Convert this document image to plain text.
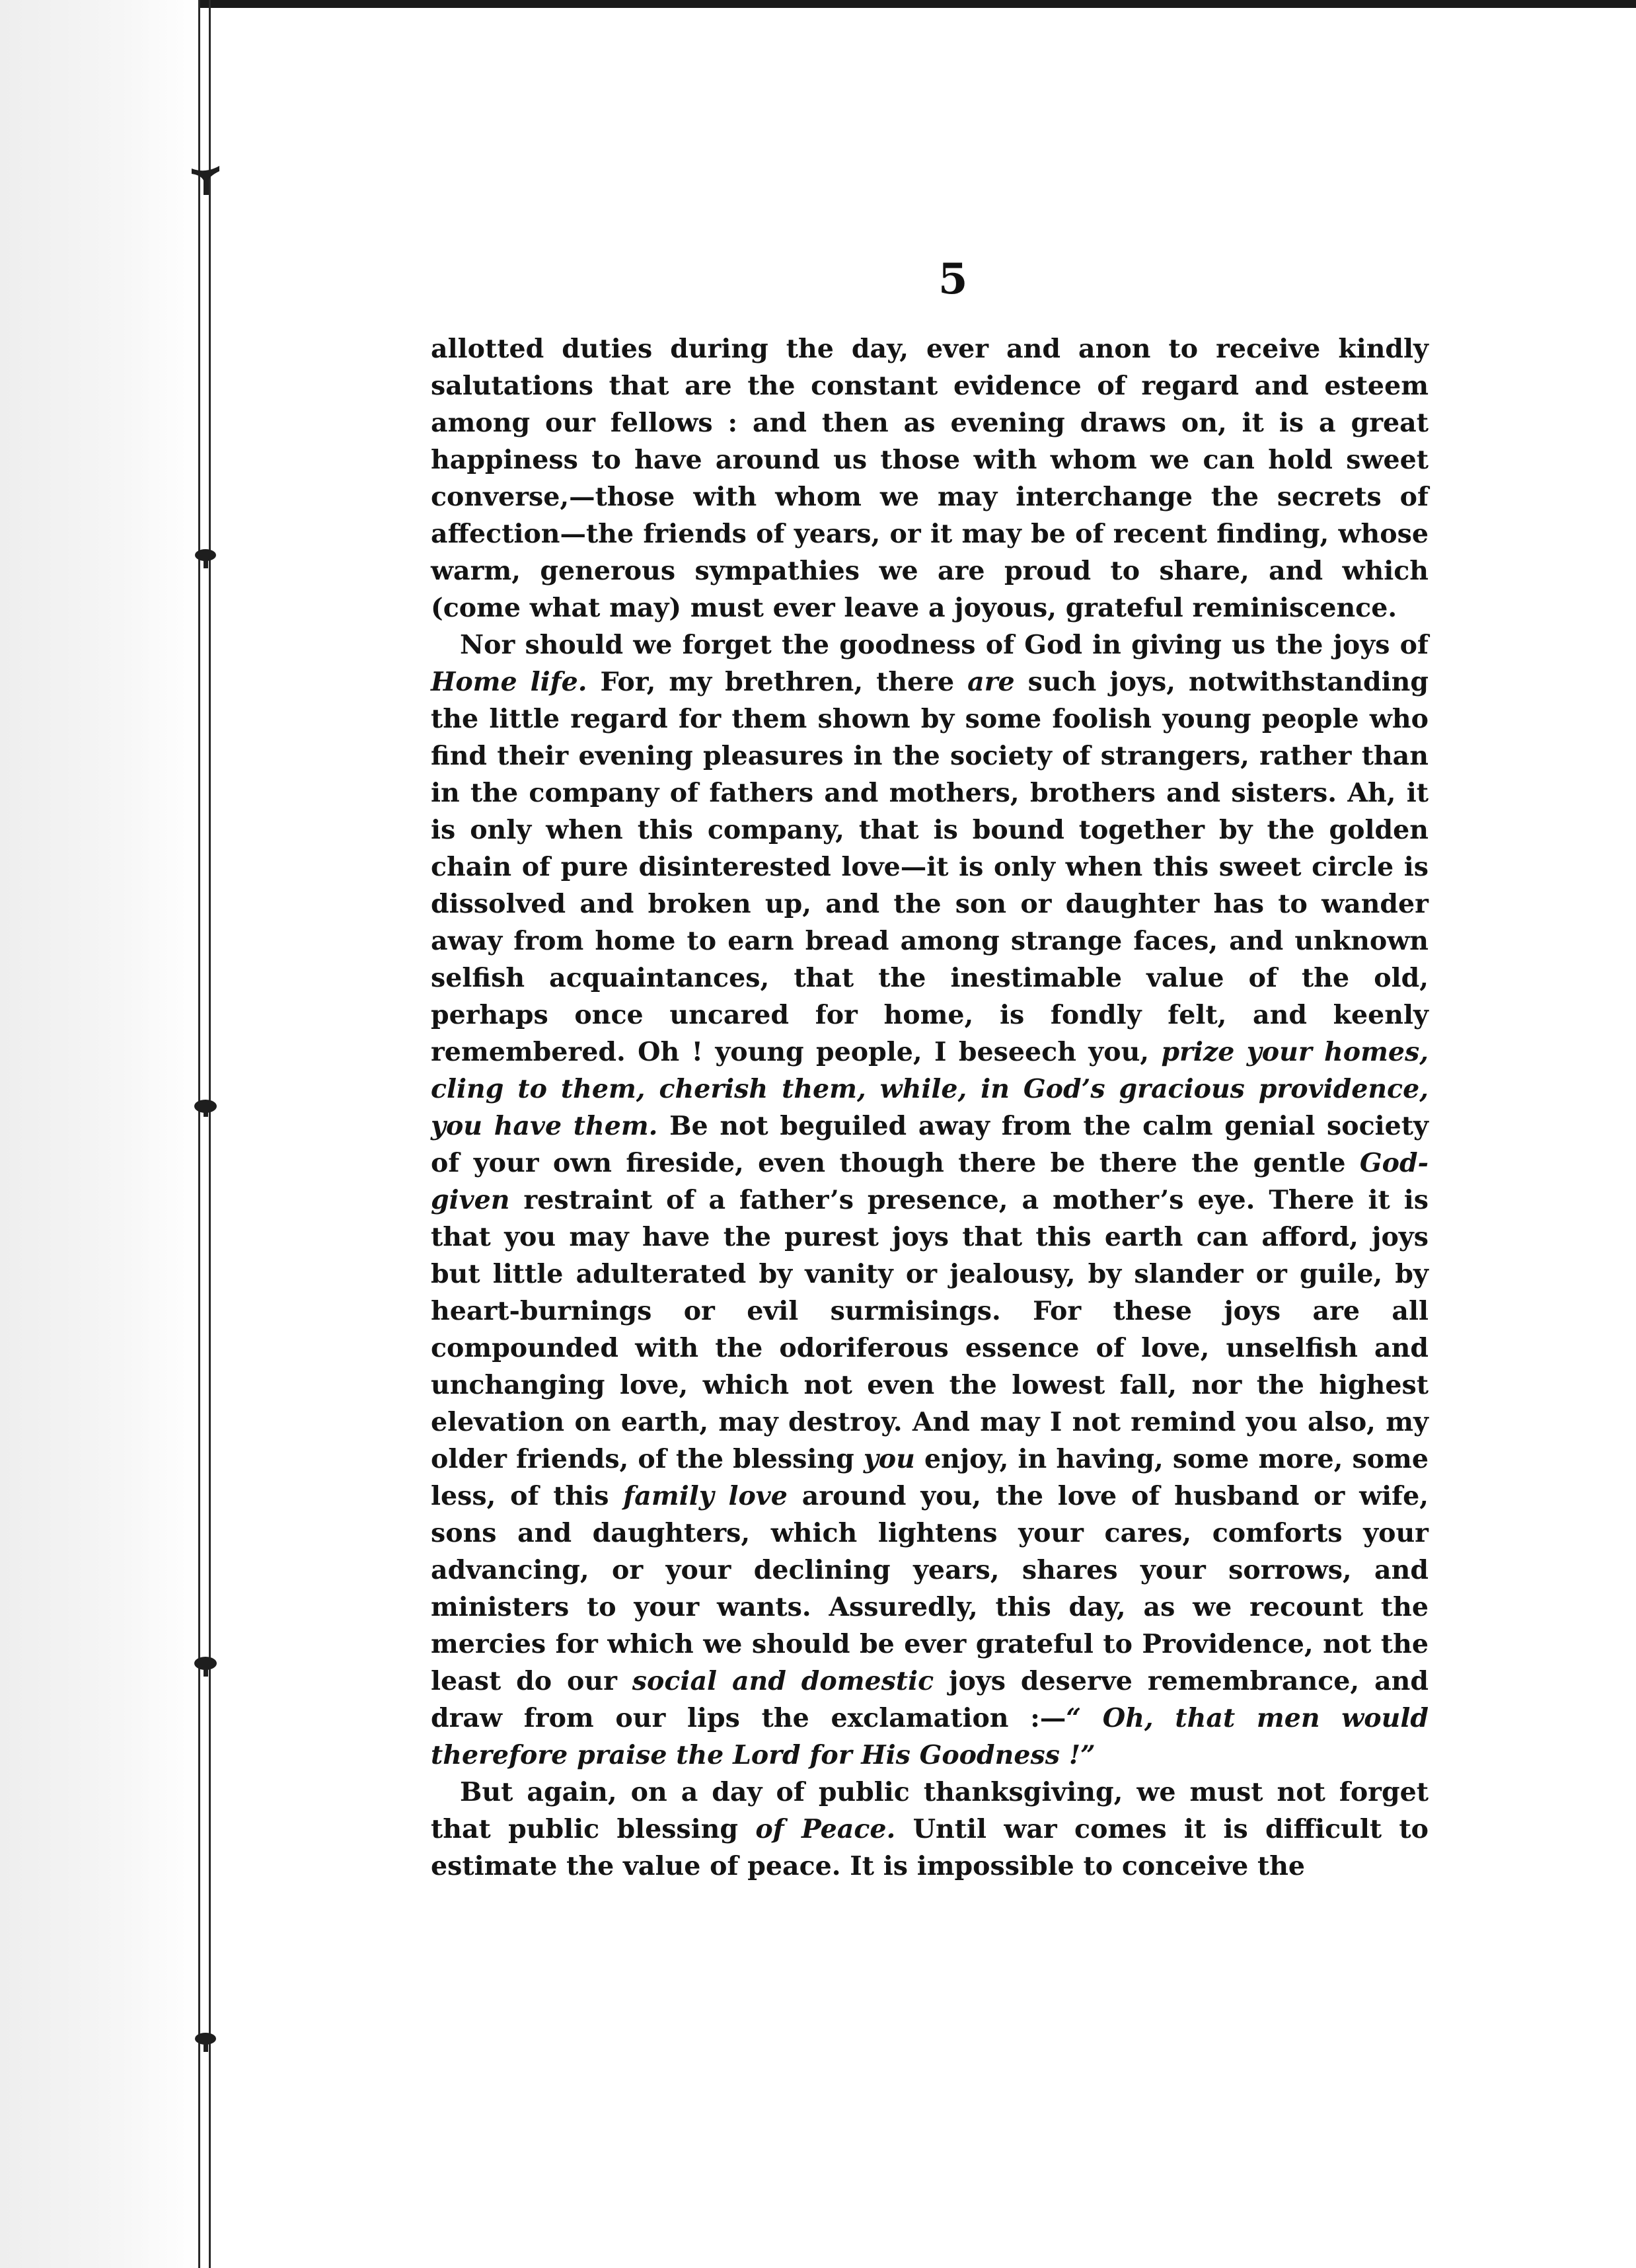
5

allotted duties during the day, ever and anon to receive kindly salutations that are the constant evidence of regard and esteem among our fellows : and then as evening draws on, it is a great happiness to have around us those with whom we can hold sweet converse,—those with whom we may interchange the secrets of affection—the friends of years, or it may be of recent finding, whose warm, generous sympathies we are proud to share, and which (come what may) must ever leave a joyous, grateful reminiscence.

Nor should we forget the goodness of God in giving us the joys of Home life. For, my brethren, there are such joys, notwithstanding the little regard for them shown by some foolish young people who find their evening pleasures in the society of strangers, rather than in the company of fathers and mothers, brothers and sisters. Ah, it is only when this company, that is bound together by the golden chain of pure disinterested love—it is only when this sweet circle is dissolved and broken up, and the son or daughter has to wander away from home to earn bread among strange faces, and unknown selfish acquaintances, that the inestimable value of the old, perhaps once uncared for home, is fondly felt, and keenly remembered. Oh ! young people, I beseech you, prize your homes, cling to them, cherish them, while, in God’s gracious providence, you have them. Be not beguiled away from the calm genial society of your own fireside, even though there be there the gentle God-given restraint of a father’s presence, a mother’s eye. There it is that you may have the purest joys that this earth can afford, joys but little adulterated by vanity or jealousy, by slander or guile, by heart-burnings or evil surmisings. For these joys are all compounded with the odoriferous essence of love, unselfish and unchanging love, which not even the lowest fall, nor the highest elevation on earth, may destroy. And may I not remind you also, my older friends, of the blessing you enjoy, in having, some more, some less, of this family love around you, the love of husband or wife, sons and daughters, which lightens your cares, comforts your advancing, or your declining years, shares your sorrows, and ministers to your wants. Assuredly, this day, as we recount the mercies for which we should be ever grateful to Providence, not the least do our social and domestic joys deserve remembrance, and draw from our lips the exclamation :—“ Oh, that men would therefore praise the Lord for His Goodness !”

But again, on a day of public thanksgiving, we must not forget that public blessing of Peace. Until war comes it is difficult to estimate the value of peace. It is impossible to conceive the
